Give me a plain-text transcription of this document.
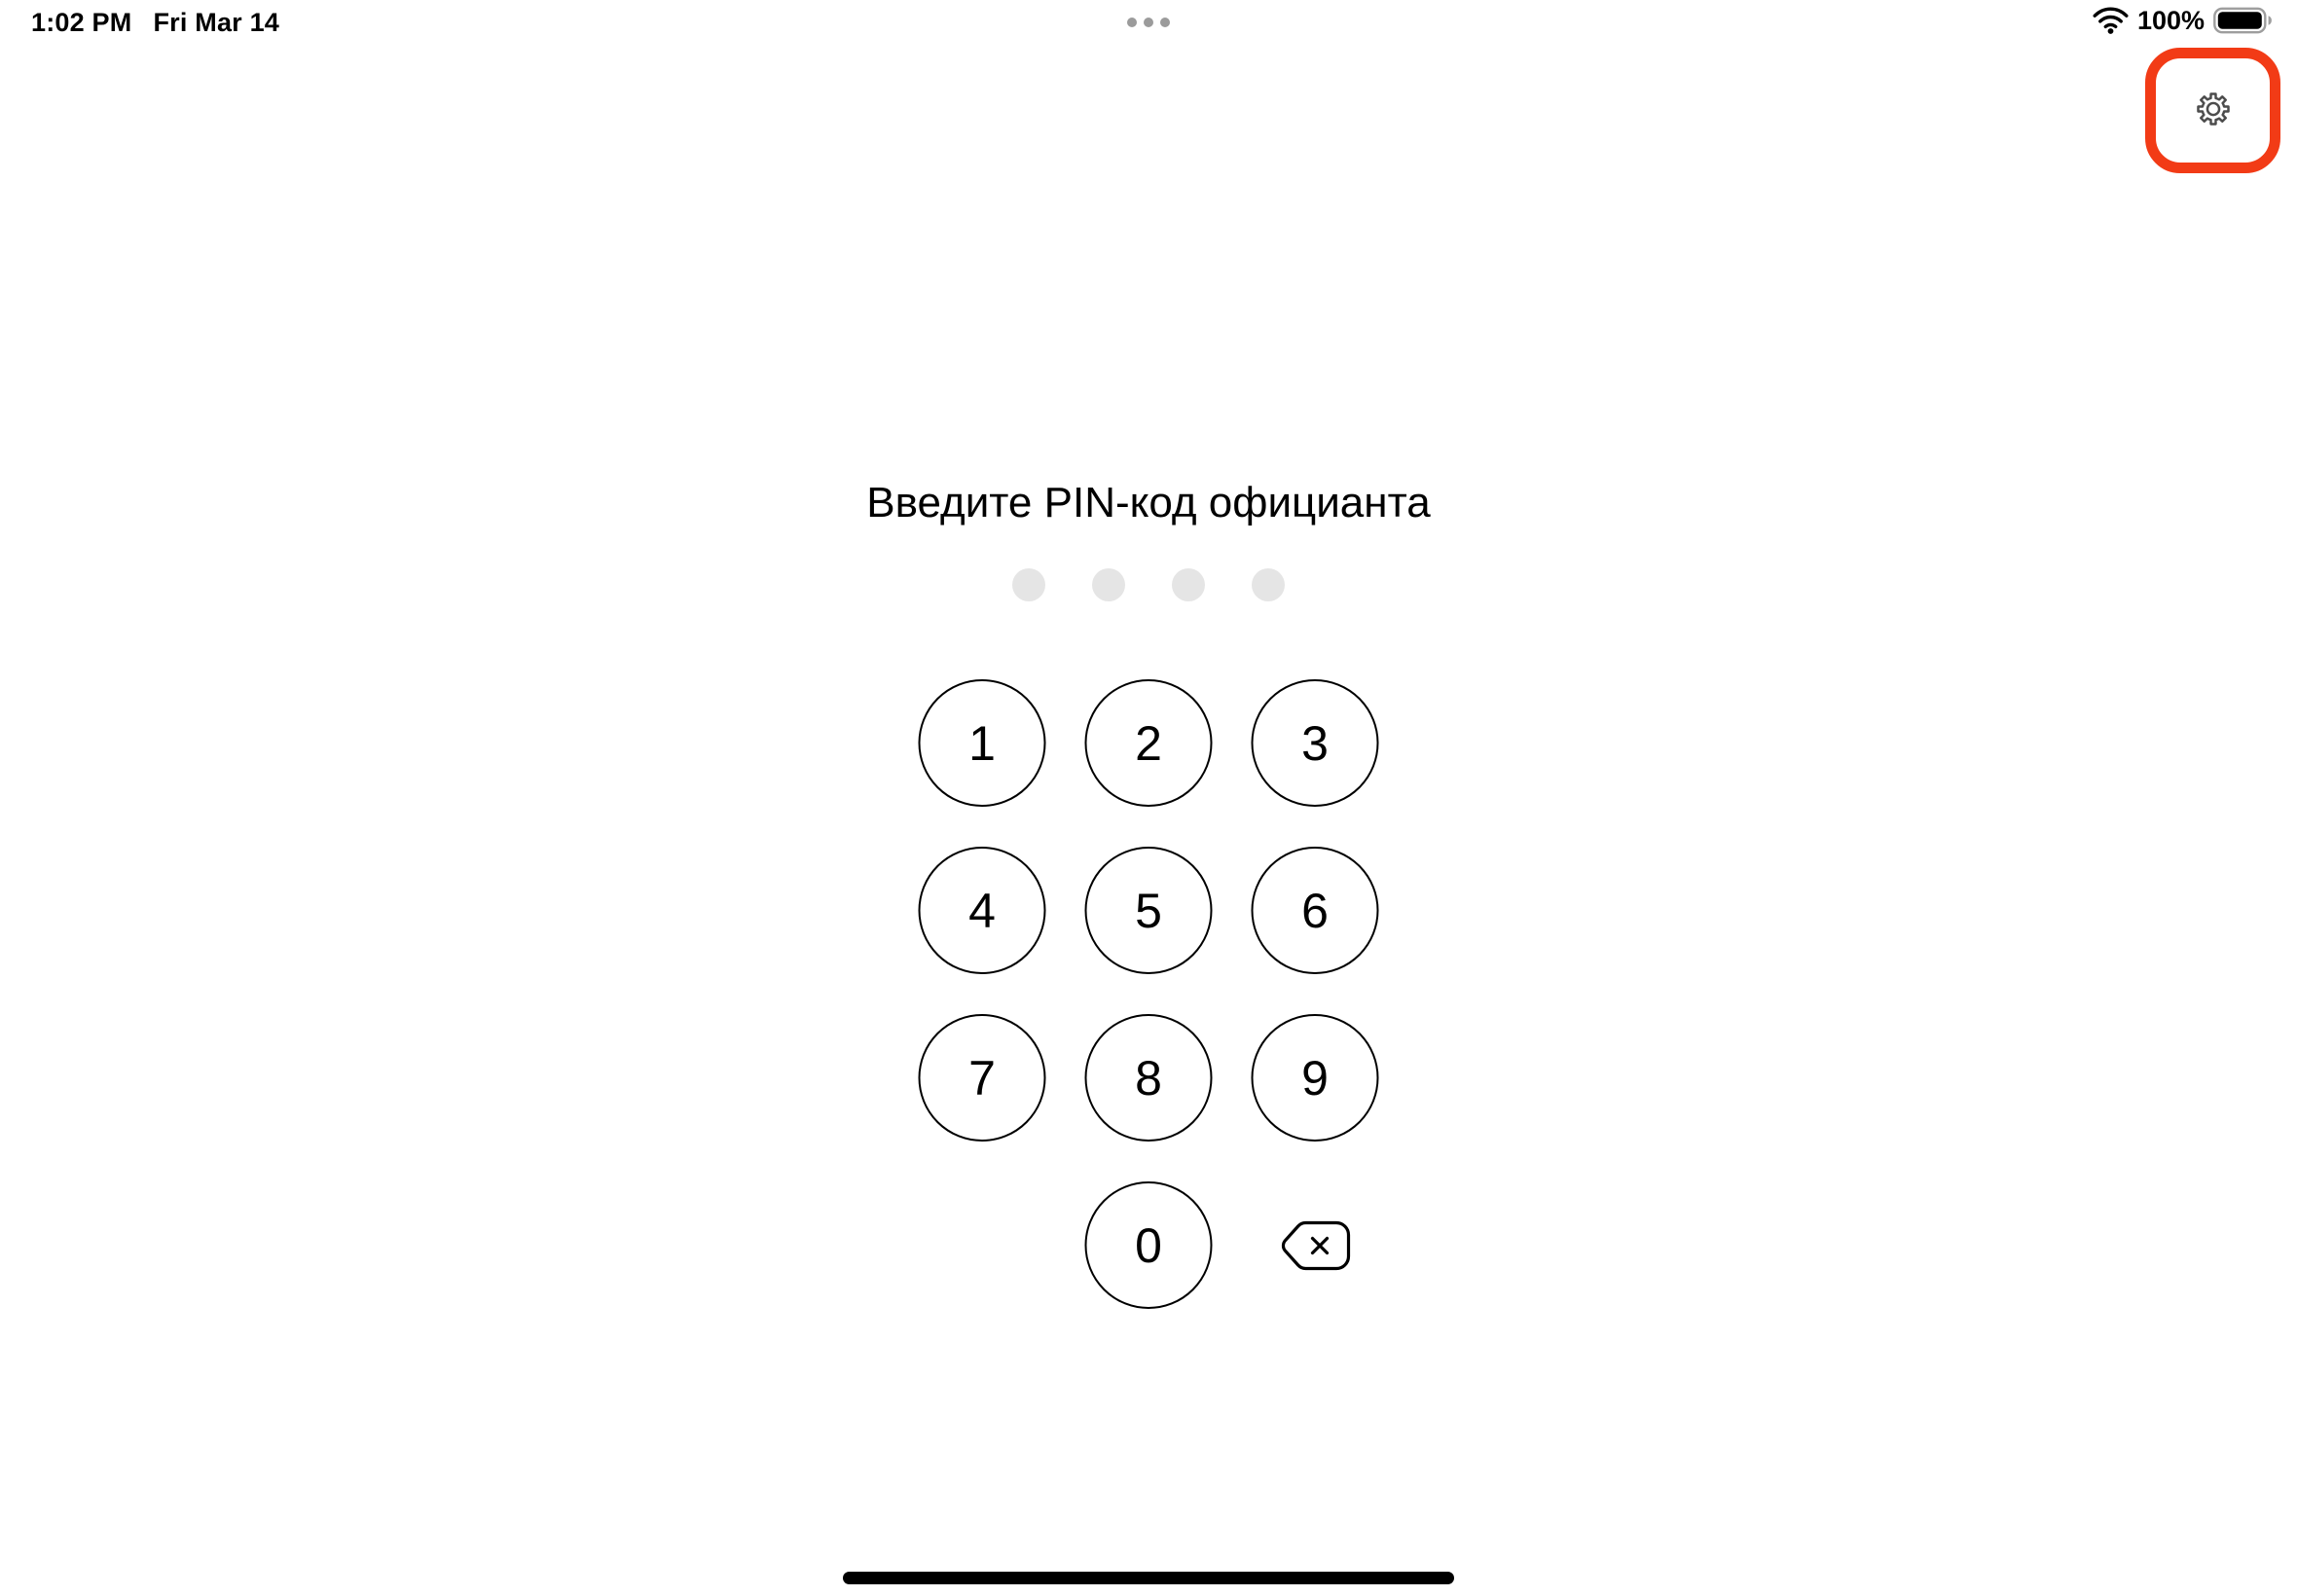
1:02 PM Fri Mar 14	100%
Введите PIN-код официанта
1	2	3
4	5	6
7	8	9
0
